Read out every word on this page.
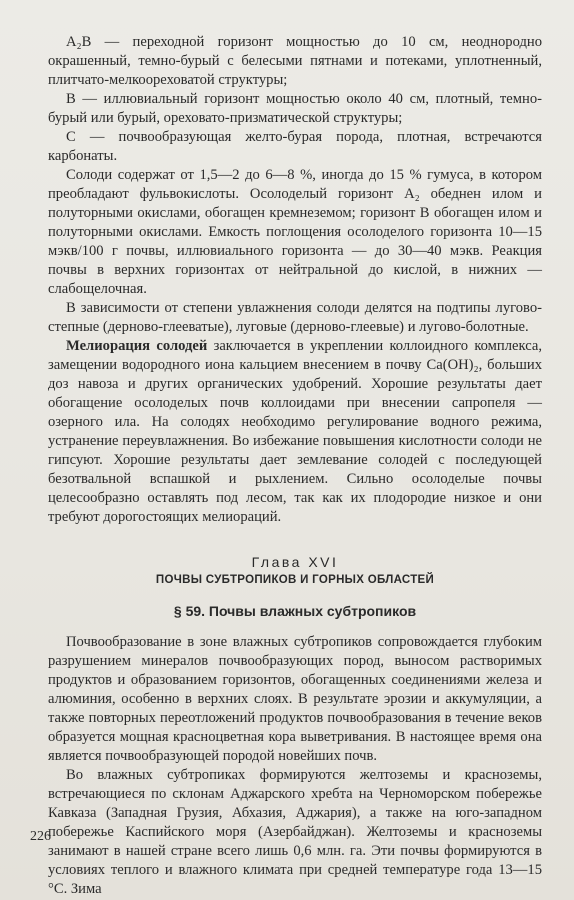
A₂B — переходной горизонт мощностью до 10 см, неоднородно окрашенный, темно-бурый с белесыми пятнами и потеками, уплотненный, плитчато-мелкоореховатой структуры;

B — иллювиальный горизонт мощностью около 40 см, плотный, темно-бурый или бурый, ореховато-призматической структуры;

C — почвообразующая желто-бурая порода, плотная, встречаются карбонаты.

Солоди содержат от 1,5—2 до 6—8 %, иногда до 15 % гумуса, в котором преобладают фульвокислоты. Осолоделый горизонт A₂ обеднен илом и полуторными окислами, обогащен кремнеземом; горизонт B обогащен илом и полуторными окислами. Емкость поглощения осолоделого горизонта 10—15 мэкв/100 г почвы, иллювиального горизонта — до 30—40 мэкв. Реакция почвы в верхних горизонтах от нейтральной до кислой, в нижних — слабощелочная.

В зависимости от степени увлажнения солоди делятся на подтипы лугово-степные (дерново-глееватые), луговые (дерново-глеевые) и лугово-болотные.

Мелиорация солодей заключается в укреплении коллоидного комплекса, замещении водородного иона кальцием внесением в почву Ca(OH)₂, больших доз навоза и других органических удобрений. Хорошие результаты дает обогащение осолоделых почв коллоидами при внесении сапропеля — озерного ила. На солодях необходимо регулирование водного режима, устранение переувлажнения. Во избежание повышения кислотности солоди не гипсуют. Хорошие результаты дает землевание солодей с последующей безотвальной вспашкой и рыхлением. Сильно осолоделые почвы целесообразно оставлять под лесом, так как их плодородие низкое и они требуют дорогостоящих мелиораций.

Глава XVI

ПОЧВЫ СУБТРОПИКОВ И ГОРНЫХ ОБЛАСТЕЙ

§ 59. Почвы влажных субтропиков

Почвообразование в зоне влажных субтропиков сопровождается глубоким разрушением минералов почвообразующих пород, выносом растворимых продуктов и образованием горизонтов, обогащенных соединениями железа и алюминия, особенно в верхних слоях. В результате эрозии и аккумуляции, а также повторных переотложений продуктов почвообразования в течение веков образуется мощная красноцветная кора выветривания. В настоящее время она является почвообразующей породой новейших почв.

Во влажных субтропиках формируются желтоземы и красноземы, встречающиеся по склонам Аджарского хребта на Черноморском побережье Кавказа (Западная Грузия, Абхазия, Аджария), а также на юго-западном побережье Каспийского моря (Азербайджан). Желтоземы и красноземы занимают в нашей стране всего лишь 0,6 млн. га. Эти почвы формируются в условиях теплого и влажного климата при средней температуре года 13—15 °C. Зима

226
